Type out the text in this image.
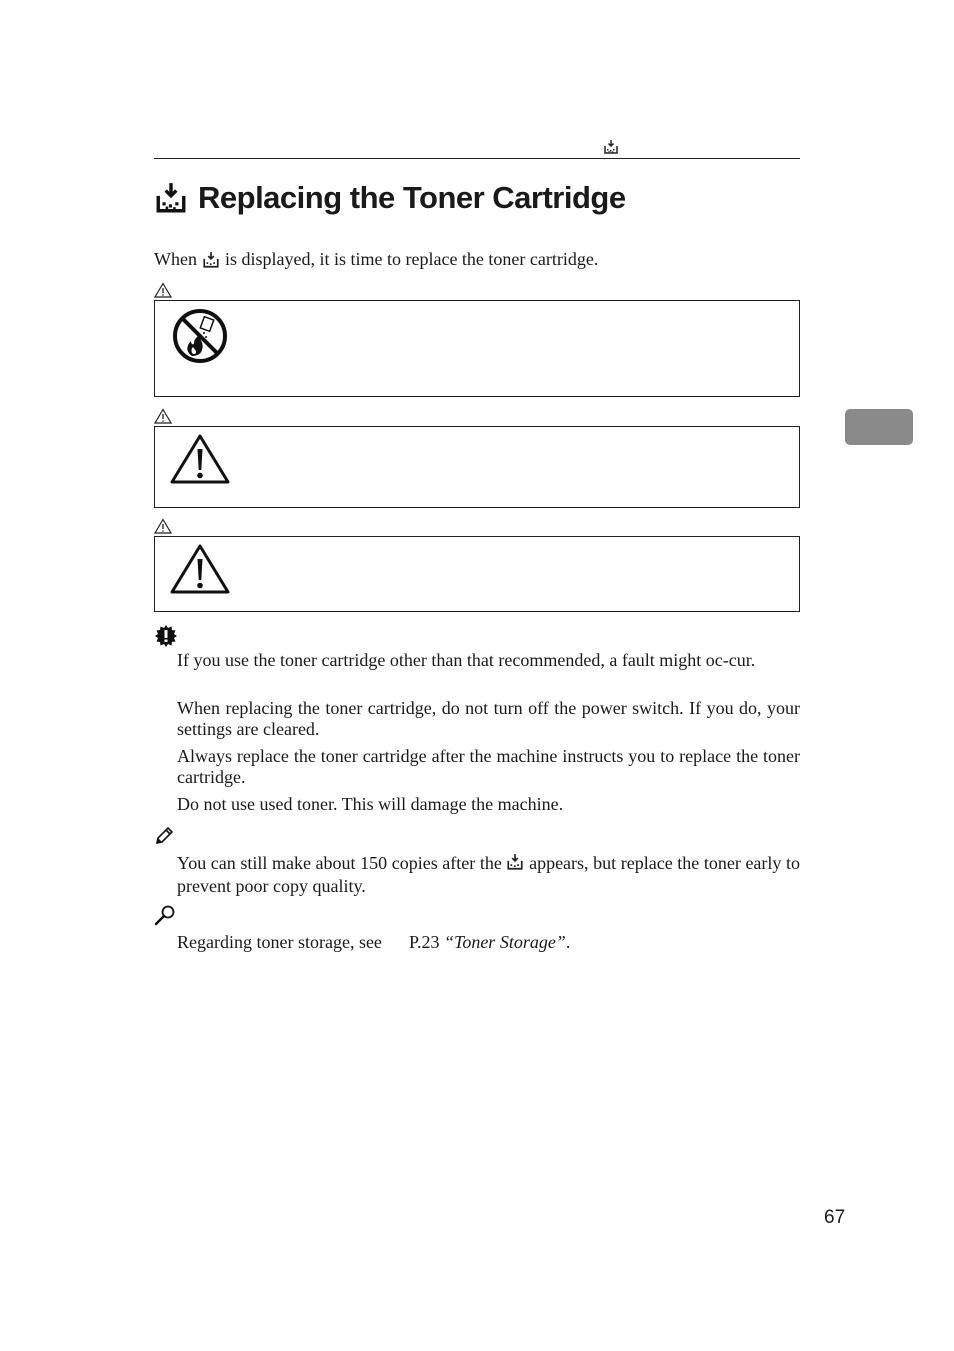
Replacing the Toner Cartridge
When is displayed, it is time to replace the toner cartridge.
If you use the toner cartridge other than that recommended, a fault might oc-cur.
When replacing the toner cartridge, do not turn off the power switch. If you do, your settings are cleared.
Always replace the toner cartridge after the machine instructs you to replace the toner cartridge.
Do not use used toner. This will damage the machine.
You can still make about 150 copies after the appears, but replace the toner early to prevent poor copy quality.
Regarding toner storage, see P.23 “Toner Storage”.
67
